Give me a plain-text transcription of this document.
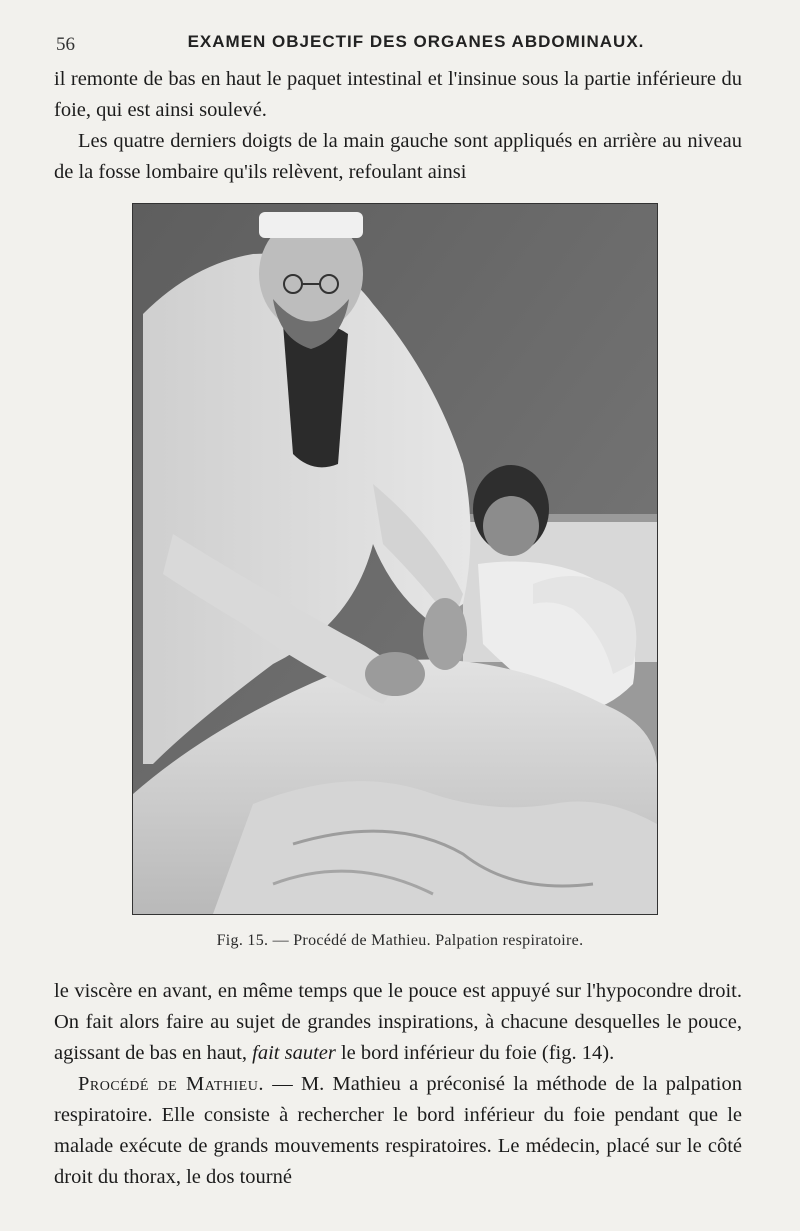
56	EXAMEN OBJECTIF DES ORGANES ABDOMINAUX.

il remonte de bas en haut le paquet intestinal et l'insinue sous la partie inférieure du foie, qui est ainsi soulevé.

Les quatre derniers doigts de la main gauche sont appliqués en arrière au niveau de la fosse lombaire qu'ils relèvent, refoulant ainsi

Fig. 15. — Procédé de Mathieu. Palpation respiratoire.

le viscère en avant, en même temps que le pouce est appuyé sur l'hypocondre droit. On fait alors faire au sujet de grandes inspirations, à chacune desquelles le pouce, agissant de bas en haut, fait sauter le bord inférieur du foie (fig. 14).

Procédé de Mathieu. — M. Mathieu a préconisé la méthode de la palpation respiratoire. Elle consiste à rechercher le bord inférieur du foie pendant que le malade exécute de grands mouvements respiratoires. Le médecin, placé sur le côté droit du thorax, le dos tourné
